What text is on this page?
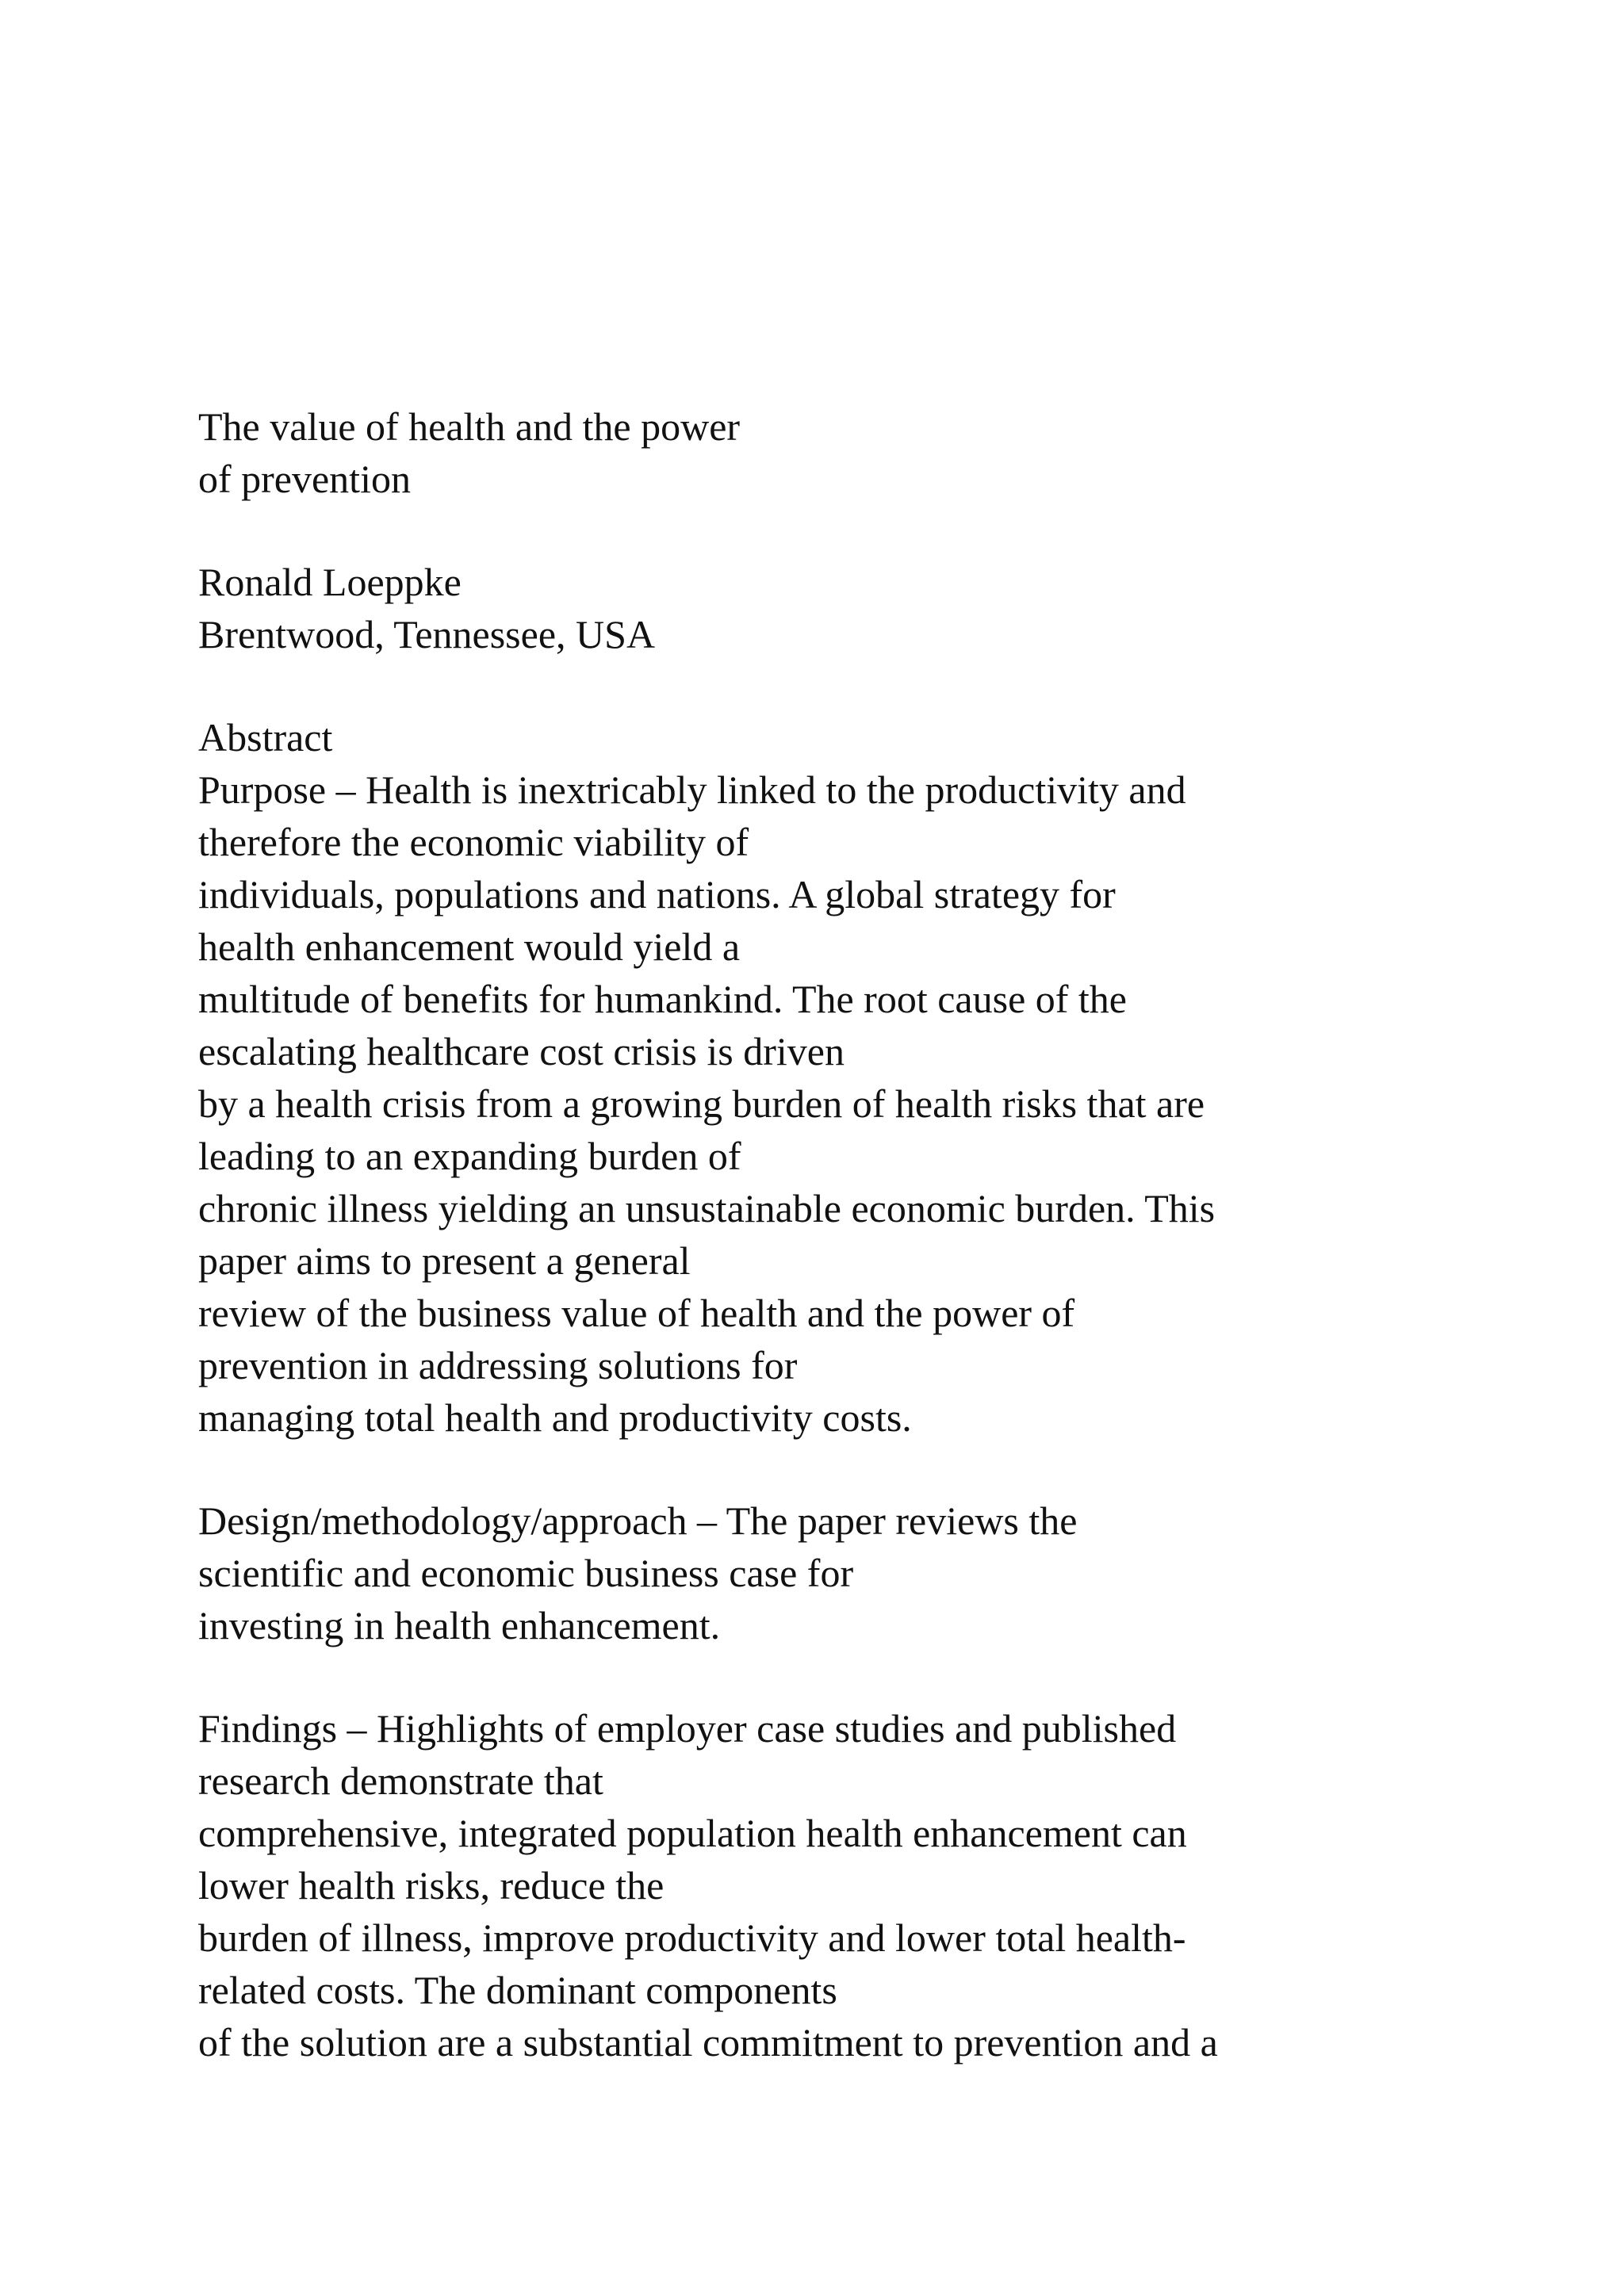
The value of health and the power
of prevention
Ronald Loeppke
Brentwood, Tennessee, USA
Abstract
Purpose – Health is inextricably linked to the productivity and
therefore the economic viability of
individuals, populations and nations. A global strategy for
health enhancement would yield a
multitude of benefits for humankind. The root cause of the
escalating healthcare cost crisis is driven
by a health crisis from a growing burden of health risks that are
leading to an expanding burden of
chronic illness yielding an unsustainable economic burden. This
paper aims to present a general
review of the business value of health and the power of
prevention in addressing solutions for
managing total health and productivity costs.
Design/methodology/approach – The paper reviews the
scientific and economic business case for
investing in health enhancement.
Findings – Highlights of employer case studies and published
research demonstrate that
comprehensive, integrated population health enhancement can
lower health risks, reduce the
burden of illness, improve productivity and lower total health-
related costs. The dominant components
of the solution are a substantial commitment to prevention and a
